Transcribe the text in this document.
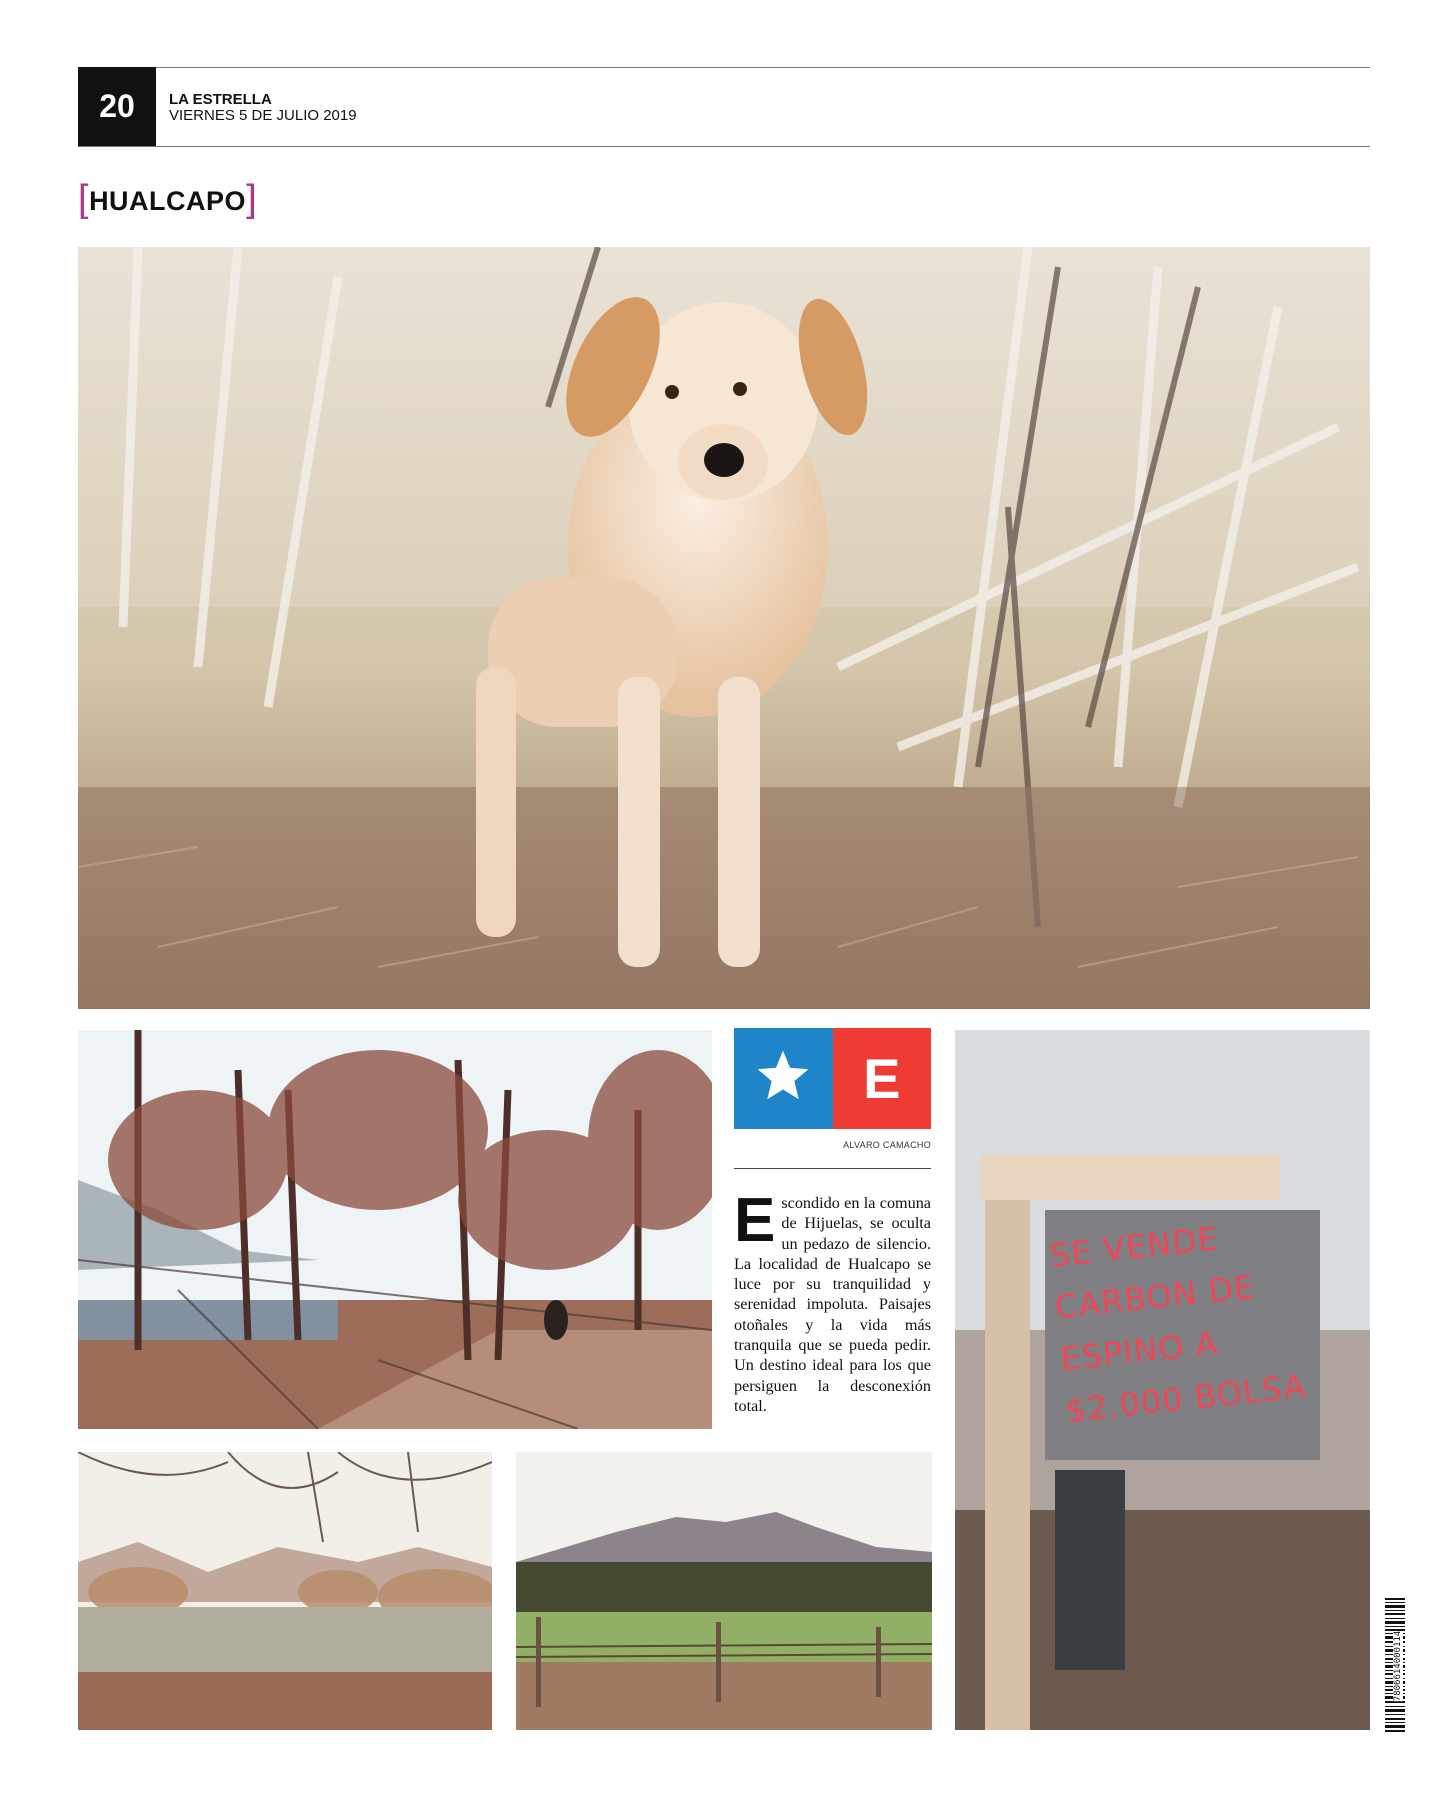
20	LA ESTRELLA
VIERNES 5 DE JULIO 2019
[ HUALCAPO ]
SE VENDE
CARBON DE
ESPINO A
$2.000 BOLSA
E
ALVARO CAMACHO
Escondido en la comuna de Hijuelas, se oculta un pedazo de silencio. La localidad de Hualcapo se luce por su tranquilidad y serenidad impoluta. Paisajes otoñales y la vida más tranquila que se pueda pedir. Un destino ideal para los que persiguen la desconexión total.
7806614000114
